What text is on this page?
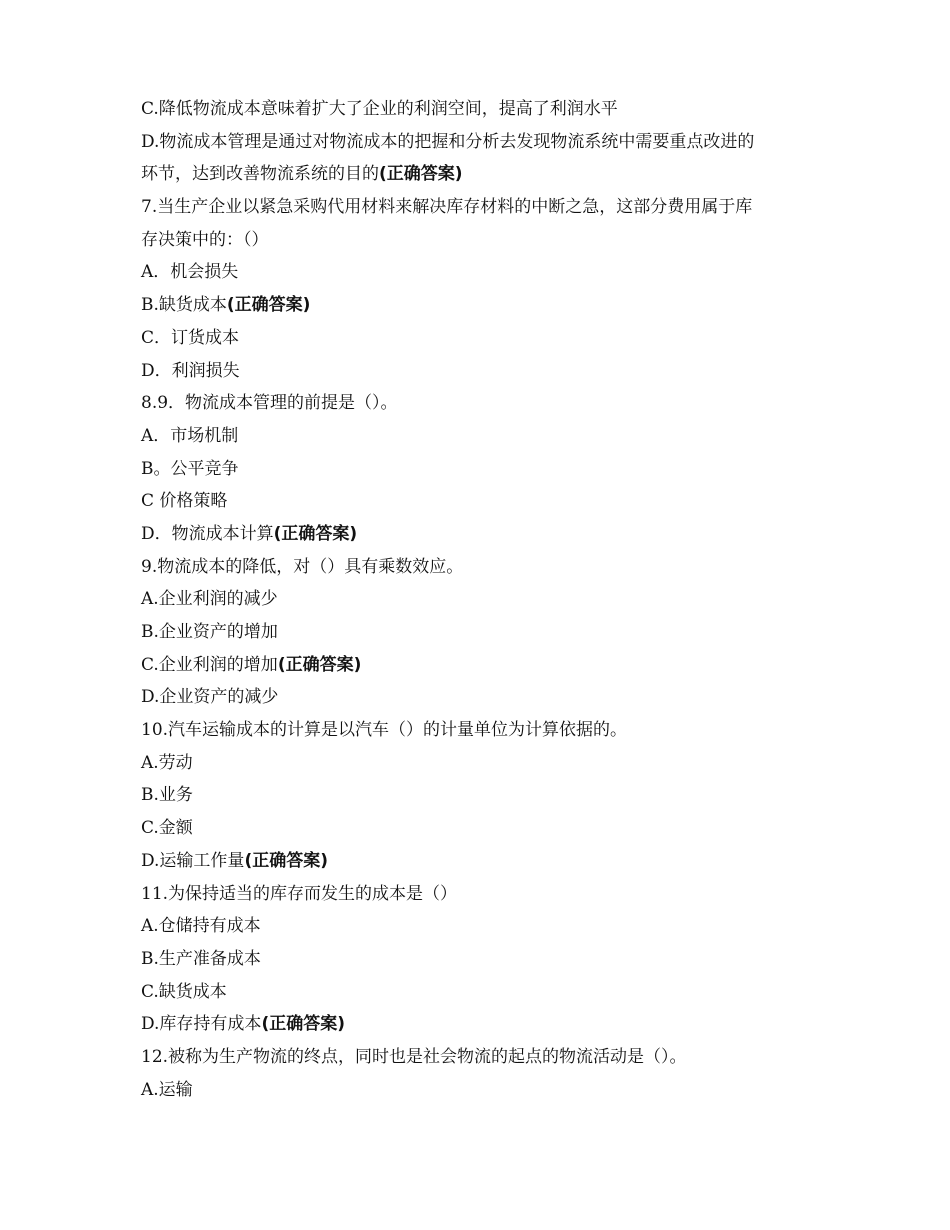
C.降低物流成本意味着扩大了企业的利润空间，提高了利润水平
D.物流成本管理是通过对物流成本的把握和分析去发现物流系统中需要重点改进的
环节，达到改善物流系统的目的(正确答案)
7.当生产企业以紧急采购代用材料来解决库存材料的中断之急，这部分费用属于库
存决策中的：（）
A．机会损失
B.缺货成本(正确答案)
C．订货成本
D．利润损失
8.9．物流成本管理的前提是（）。
A．市场机制
B。公平竞争
C 价格策略
D．物流成本计算(正确答案)
9.物流成本的降低，对（）具有乘数效应。
A.企业利润的减少
B.企业资产的增加
C.企业利润的增加(正确答案)
D.企业资产的减少
10.汽车运输成本的计算是以汽车（）的计量单位为计算依据的。
A.劳动
B.业务
C.金额
D.运输工作量(正确答案)
11.为保持适当的库存而发生的成本是（）
A.仓储持有成本
B.生产准备成本
C.缺货成本
D.库存持有成本(正确答案)
12.被称为生产物流的终点，同时也是社会物流的起点的物流活动是（）。
A.运输
